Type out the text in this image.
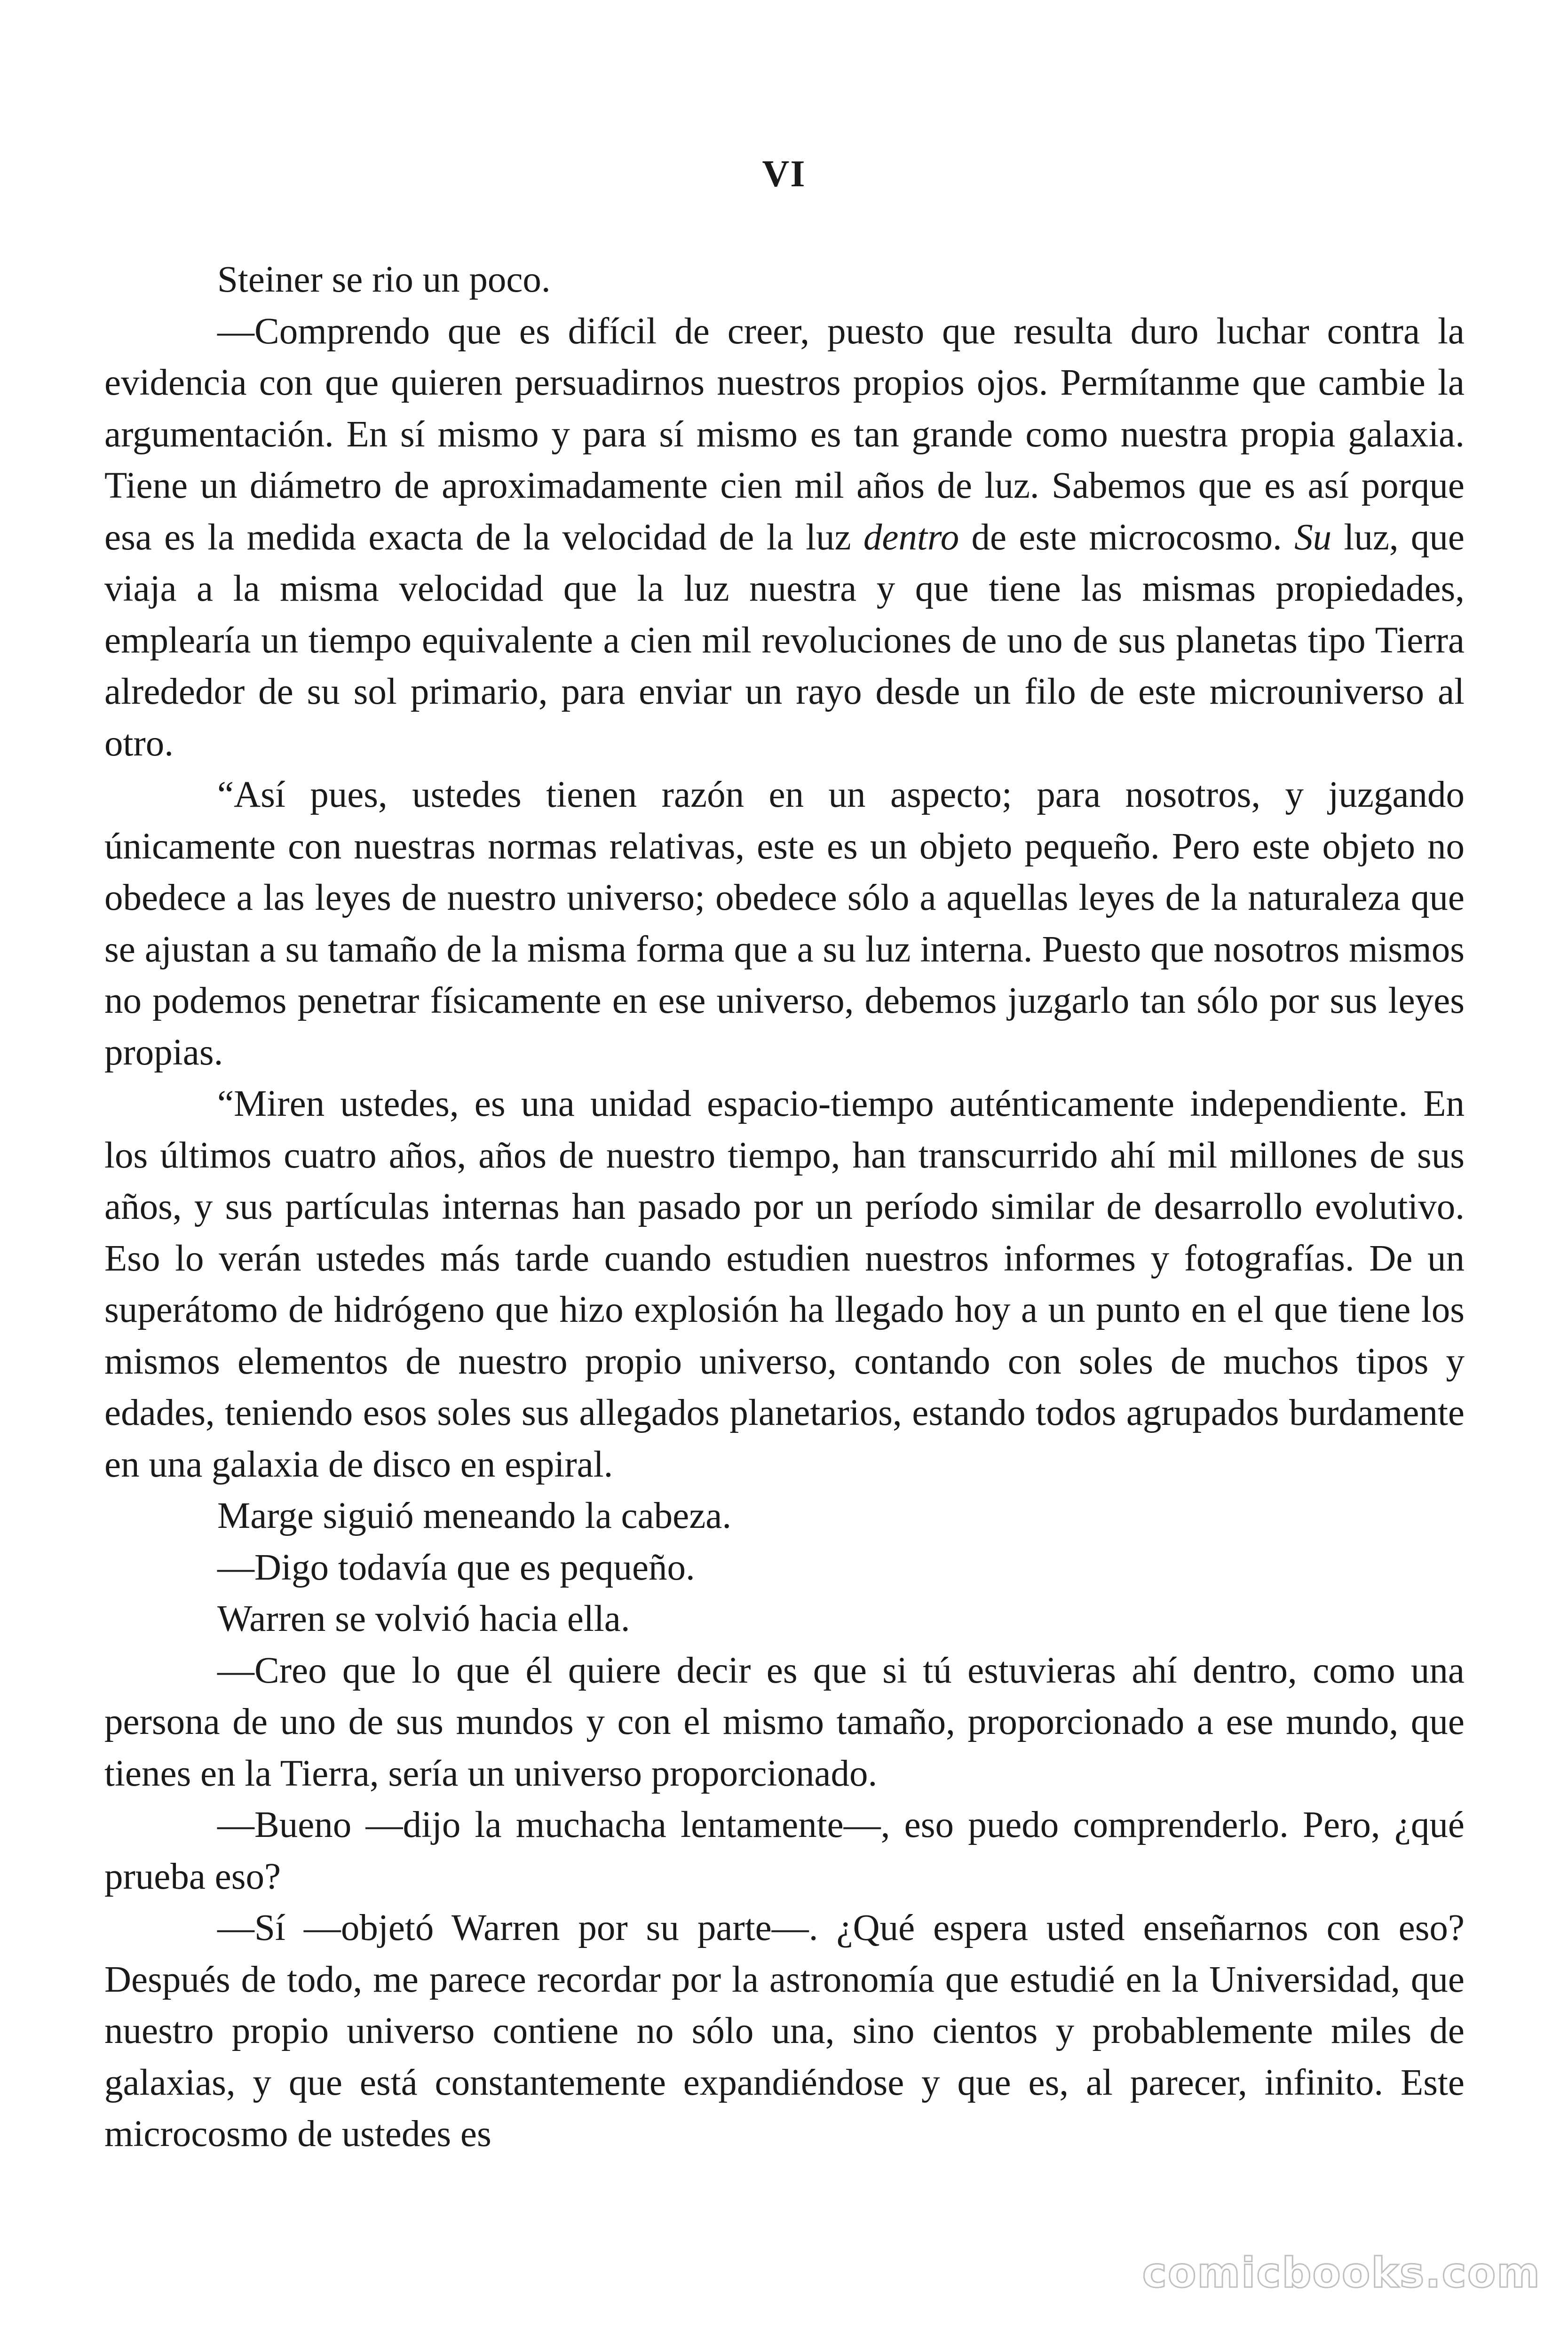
VI

Steiner se rio un poco.

—Comprendo que es difícil de creer, puesto que resulta duro luchar contra la evidencia con que quieren persuadirnos nuestros propios ojos. Permítanme que cambie la argumentación. En sí mismo y para sí mismo es tan grande como nuestra propia galaxia. Tiene un diámetro de aproximadamente cien mil años de luz. Sabemos que es así porque esa es la medida exacta de la velocidad de la luz dentro de este microcosmo. Su luz, que viaja a la misma velocidad que la luz nuestra y que tiene las mismas propiedades, emplearía un tiempo equivalente a cien mil revoluciones de uno de sus planetas tipo Tierra alrededor de su sol primario, para enviar un rayo desde un filo de este microuniverso al otro.

“Así pues, ustedes tienen razón en un aspecto; para nosotros, y juzgando únicamente con nuestras normas relativas, este es un objeto pequeño. Pero este objeto no obedece a las leyes de nuestro universo; obedece sólo a aquellas leyes de la naturaleza que se ajustan a su tamaño de la misma forma que a su luz interna. Puesto que nosotros mismos no podemos penetrar físicamente en ese universo, debemos juzgarlo tan sólo por sus leyes propias.

“Miren ustedes, es una unidad espacio-tiempo auténticamente independiente. En los últimos cuatro años, años de nuestro tiempo, han transcurrido ahí mil millones de sus años, y sus partículas internas han pasado por un período similar de desarrollo evolutivo. Eso lo verán ustedes más tarde cuando estudien nuestros informes y fotografías. De un superátomo de hidrógeno que hizo explosión ha llegado hoy a un punto en el que tiene los mismos elementos de nuestro propio universo, contando con soles de muchos tipos y edades, teniendo esos soles sus allegados planetarios, estando todos agrupados burdamente en una galaxia de disco en espiral.

Marge siguió meneando la cabeza.

—Digo todavía que es pequeño.

Warren se volvió hacia ella.

—Creo que lo que él quiere decir es que si tú estuvieras ahí dentro, como una persona de uno de sus mundos y con el mismo tamaño, proporcionado a ese mundo, que tienes en la Tierra, sería un universo proporcionado.

—Bueno —dijo la muchacha lentamente—, eso puedo comprenderlo. Pero, ¿qué prueba eso?

—Sí —objetó Warren por su parte—. ¿Qué espera usted enseñarnos con eso? Después de todo, me parece recordar por la astronomía que estudié en la Universidad, que nuestro propio universo contiene no sólo una, sino cientos y probablemente miles de galaxias, y que está constantemente expandiéndose y que es, al parecer, infinito. Este microcosmo de ustedes es

comicbooks.com
